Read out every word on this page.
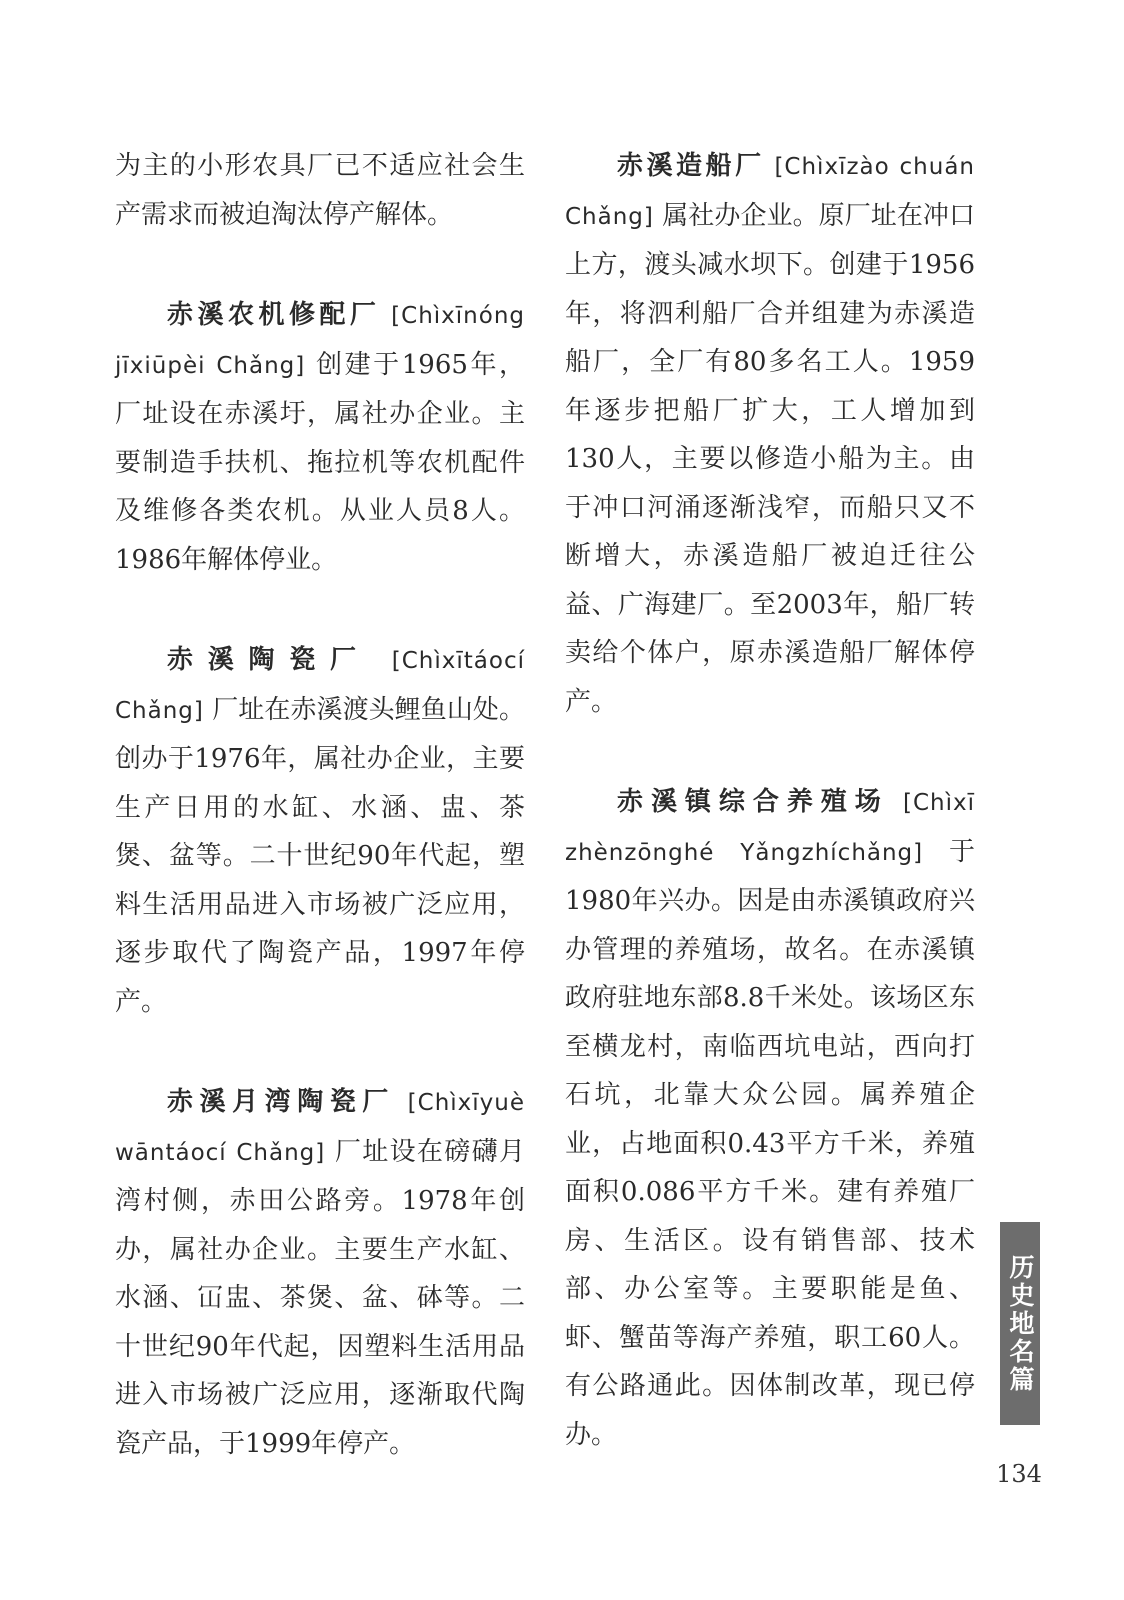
为主的小形农具厂已不适应社会生产需求而被迫淘汰停产解体。

赤溪农机修配厂 [Chìxīnóng jīxiūpèi Chǎng] 创建于1965年，厂址设在赤溪圩，属社办企业。主要制造手扶机、拖拉机等农机配件及维修各类农机。从业人员8人。1986年解体停业。

赤溪陶瓷厂 [Chìxītáocí Chǎng] 厂址在赤溪渡头鲤鱼山处。创办于1976年，属社办企业，主要生产日用的水缸、水涵、盅、茶煲、盆等。二十世纪90年代起，塑料生活用品进入市场被广泛应用，逐步取代了陶瓷产品，1997年停产。

赤溪月湾陶瓷厂 [Chìxīyuè wāntáocí Chǎng] 厂址设在磅礴月湾村侧，赤田公路旁。1978年创办，属社办企业。主要生产水缸、水涵、冚盅、茶煲、盆、砵等。二十世纪90年代起，因塑料生活用品进入市场被广泛应用，逐渐取代陶瓷产品，于1999年停产。

赤溪造船厂 [Chìxīzào chuán Chǎng] 属社办企业。原厂址在冲口上方，渡头减水坝下。创建于1956年，将泗利船厂合并组建为赤溪造船厂，全厂有80多名工人。1959年逐步把船厂扩大，工人增加到130人，主要以修造小船为主。由于冲口河涌逐渐浅窄，而船只又不断增大，赤溪造船厂被迫迁往公益、广海建厂。至2003年，船厂转卖给个体户，原赤溪造船厂解体停产。

赤溪镇综合养殖场 [Chìxī zhènzōnghé Yǎngzhíchǎng] 于1980年兴办。因是由赤溪镇政府兴办管理的养殖场，故名。在赤溪镇政府驻地东部8.8千米处。该场区东至横龙村，南临西坑电站，西向打石坑，北靠大众公园。属养殖企业，占地面积0.43平方千米，养殖面积0.086平方千米。建有养殖厂房、生活区。设有销售部、技术部、办公室等。主要职能是鱼、虾、蟹苗等海产养殖，职工60人。有公路通此。因体制改革，现已停办。

历史地名篇
134
